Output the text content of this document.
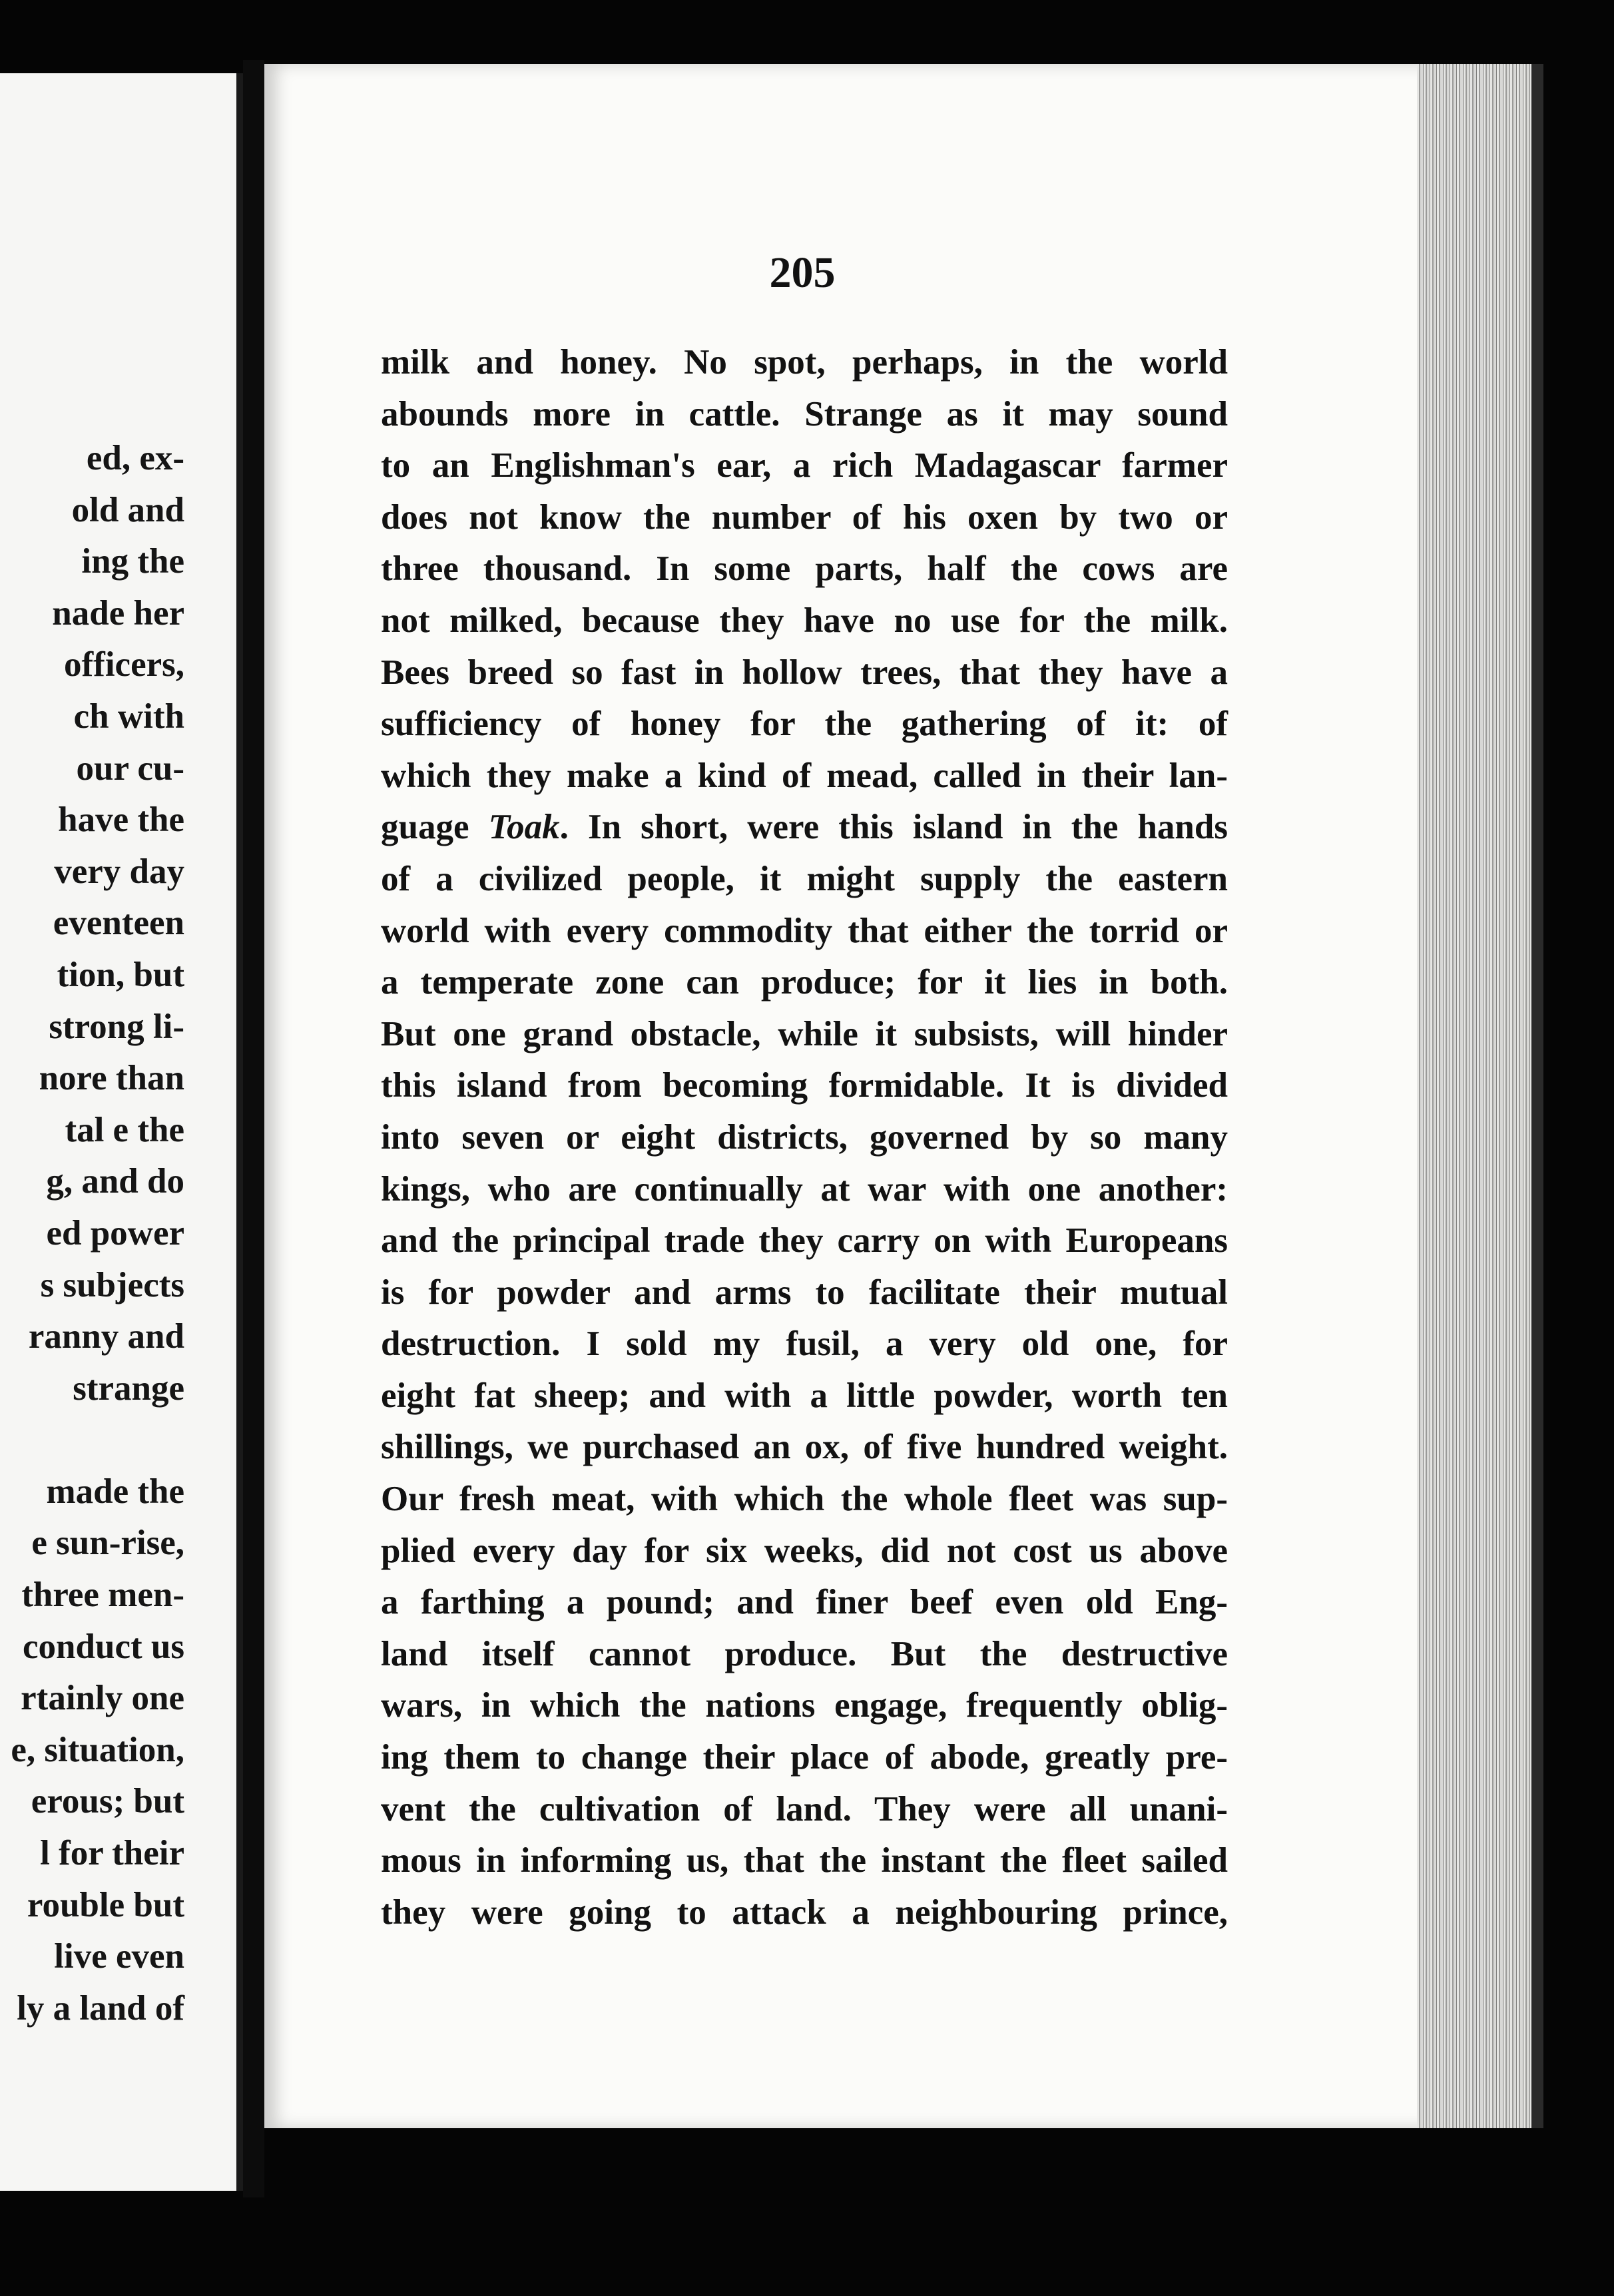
ed, ex-
old and
ing the
nade her
officers,
ch with
our cu-
have the
very day
eventeen
tion, but
strong li-
nore than
tal e the
g, and do
ed power
s subjects
ranny and
strange
made the
e sun-rise,
three men-
conduct us
rtainly one
e, situation,
erous; but
l for their
rouble but
live even
ly a land of
205
milk and honey. No spot, perhaps, in the world
abounds more in cattle. Strange as it may sound
to an Englishman's ear, a rich Madagascar farmer
does not know the number of his oxen by two or
three thousand. In some parts, half the cows are
not milked, because they have no use for the milk.
Bees breed so fast in hollow trees, that they have a
sufficiency of honey for the gathering of it: of
which they make a kind of mead, called in their lan-
guage Toak. In short, were this island in the hands
of a civilized people, it might supply the eastern
world with every commodity that either the torrid or
a temperate zone can produce; for it lies in both.
But one grand obstacle, while it subsists, will hinder
this island from becoming formidable. It is divided
into seven or eight districts, governed by so many
kings, who are continually at war with one another:
and the principal trade they carry on with Europeans
is for powder and arms to facilitate their mutual
destruction. I sold my fusil, a very old one, for
eight fat sheep; and with a little powder, worth ten
shillings, we purchased an ox, of five hundred weight.
Our fresh meat, with which the whole fleet was sup-
plied every day for six weeks, did not cost us above
a farthing a pound; and finer beef even old Eng-
land itself cannot produce. But the destructive
wars, in which the nations engage, frequently oblig-
ing them to change their place of abode, greatly pre-
vent the cultivation of land. They were all unani-
mous in informing us, that the instant the fleet sailed
they were going to attack a neighbouring prince,
